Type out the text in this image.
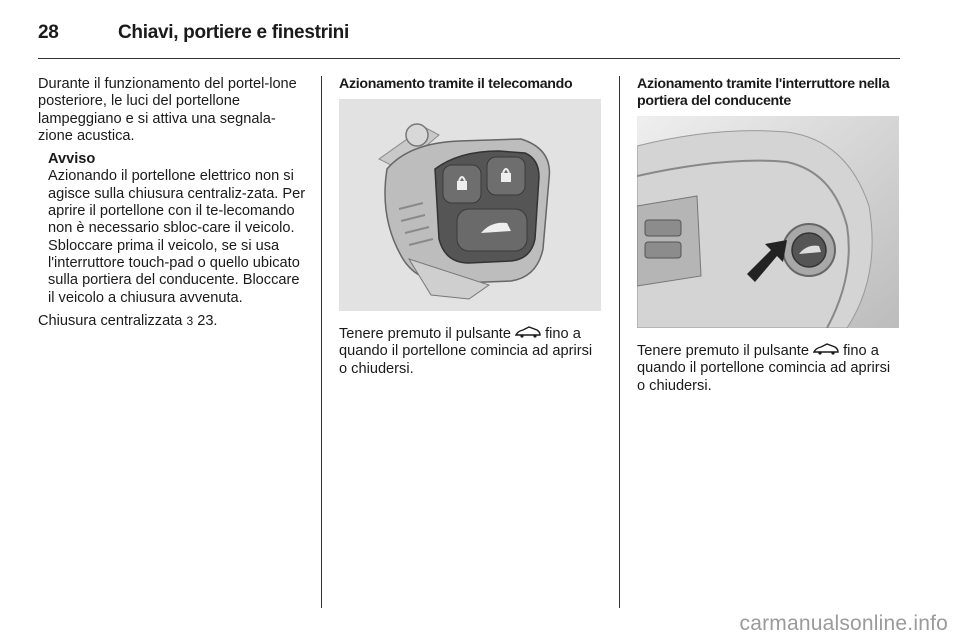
28	Chiavi, portiere e finestrini

Durante il funzionamento del portel-lone posteriore, le luci del portellone lampeggiano e si attiva una segnala-zione acustica.

Avviso
Azionando il portellone elettrico non si agisce sulla chiusura centraliz-zata. Per aprire il portellone con il te-lecomando non è necessario sbloc-care il veicolo. Sbloccare prima il veicolo, se si usa l'interruttore touch-pad o quello ubicato sulla portiera del conducente. Bloccare il veicolo a chiusura avvenuta.

Chiusura centralizzata 3 23.

Azionamento tramite il telecomando

Tenere premuto il pulsante fino a quando il portellone comincia ad aprirsi o chiudersi.

Azionamento tramite l'interruttore nella portiera del conducente

Tenere premuto il pulsante fino a quando il portellone comincia ad aprirsi o chiudersi.

carmanualsonline.info
